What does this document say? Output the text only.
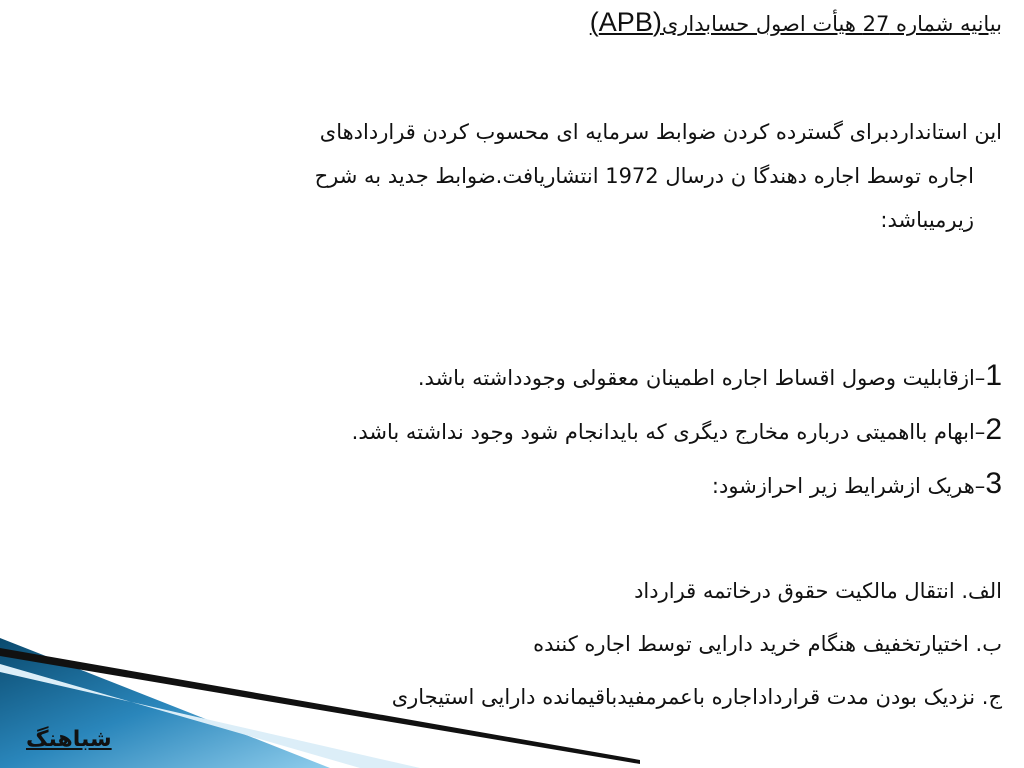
بیانیه شماره 27 هیأت اصول حسابداری(APB)
این استانداردبرای گسترده کردن ضوابط سرمایه ای محسوب کردن قراردادهای
اجاره توسط اجاره دهندگا ن درسال 1972 انتشاریافت.ضوابط جدید به شرح
زیرمیباشد:
1–ازقابلیت وصول اقساط اجاره اطمینان معقولی وجودداشته باشد.
2–ابهام بااهمیتی درباره مخارج دیگری که بایدانجام شود وجود نداشته باشد.
3–هریک ازشرایط زیر احرازشود:
الف. انتقال مالکیت حقوق درخاتمه قرارداد
ب. اختیارتخفیف هنگام خرید دارایی توسط اجاره کننده
ج. نزدیک بودن مدت قرارداداجاره باعمرمفیدباقیمانده دارایی استیجاری
شباهنگ
